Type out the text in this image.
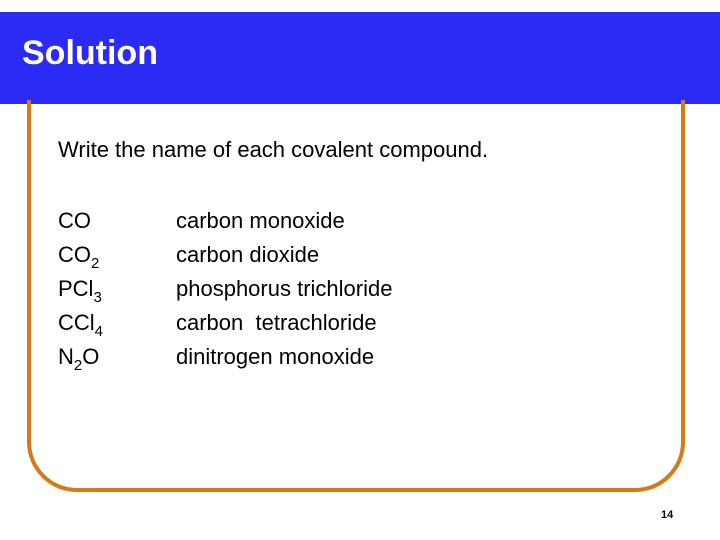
Solution
Write the name of each covalent compound.
CO
$CO_2$
PCl$_3$
CCl$_4$
$N_2O$
carbon monoxide
carbon dioxide
phosphorus trichloride
carbon  tetrachloride
dinitrogen monoxide
14
